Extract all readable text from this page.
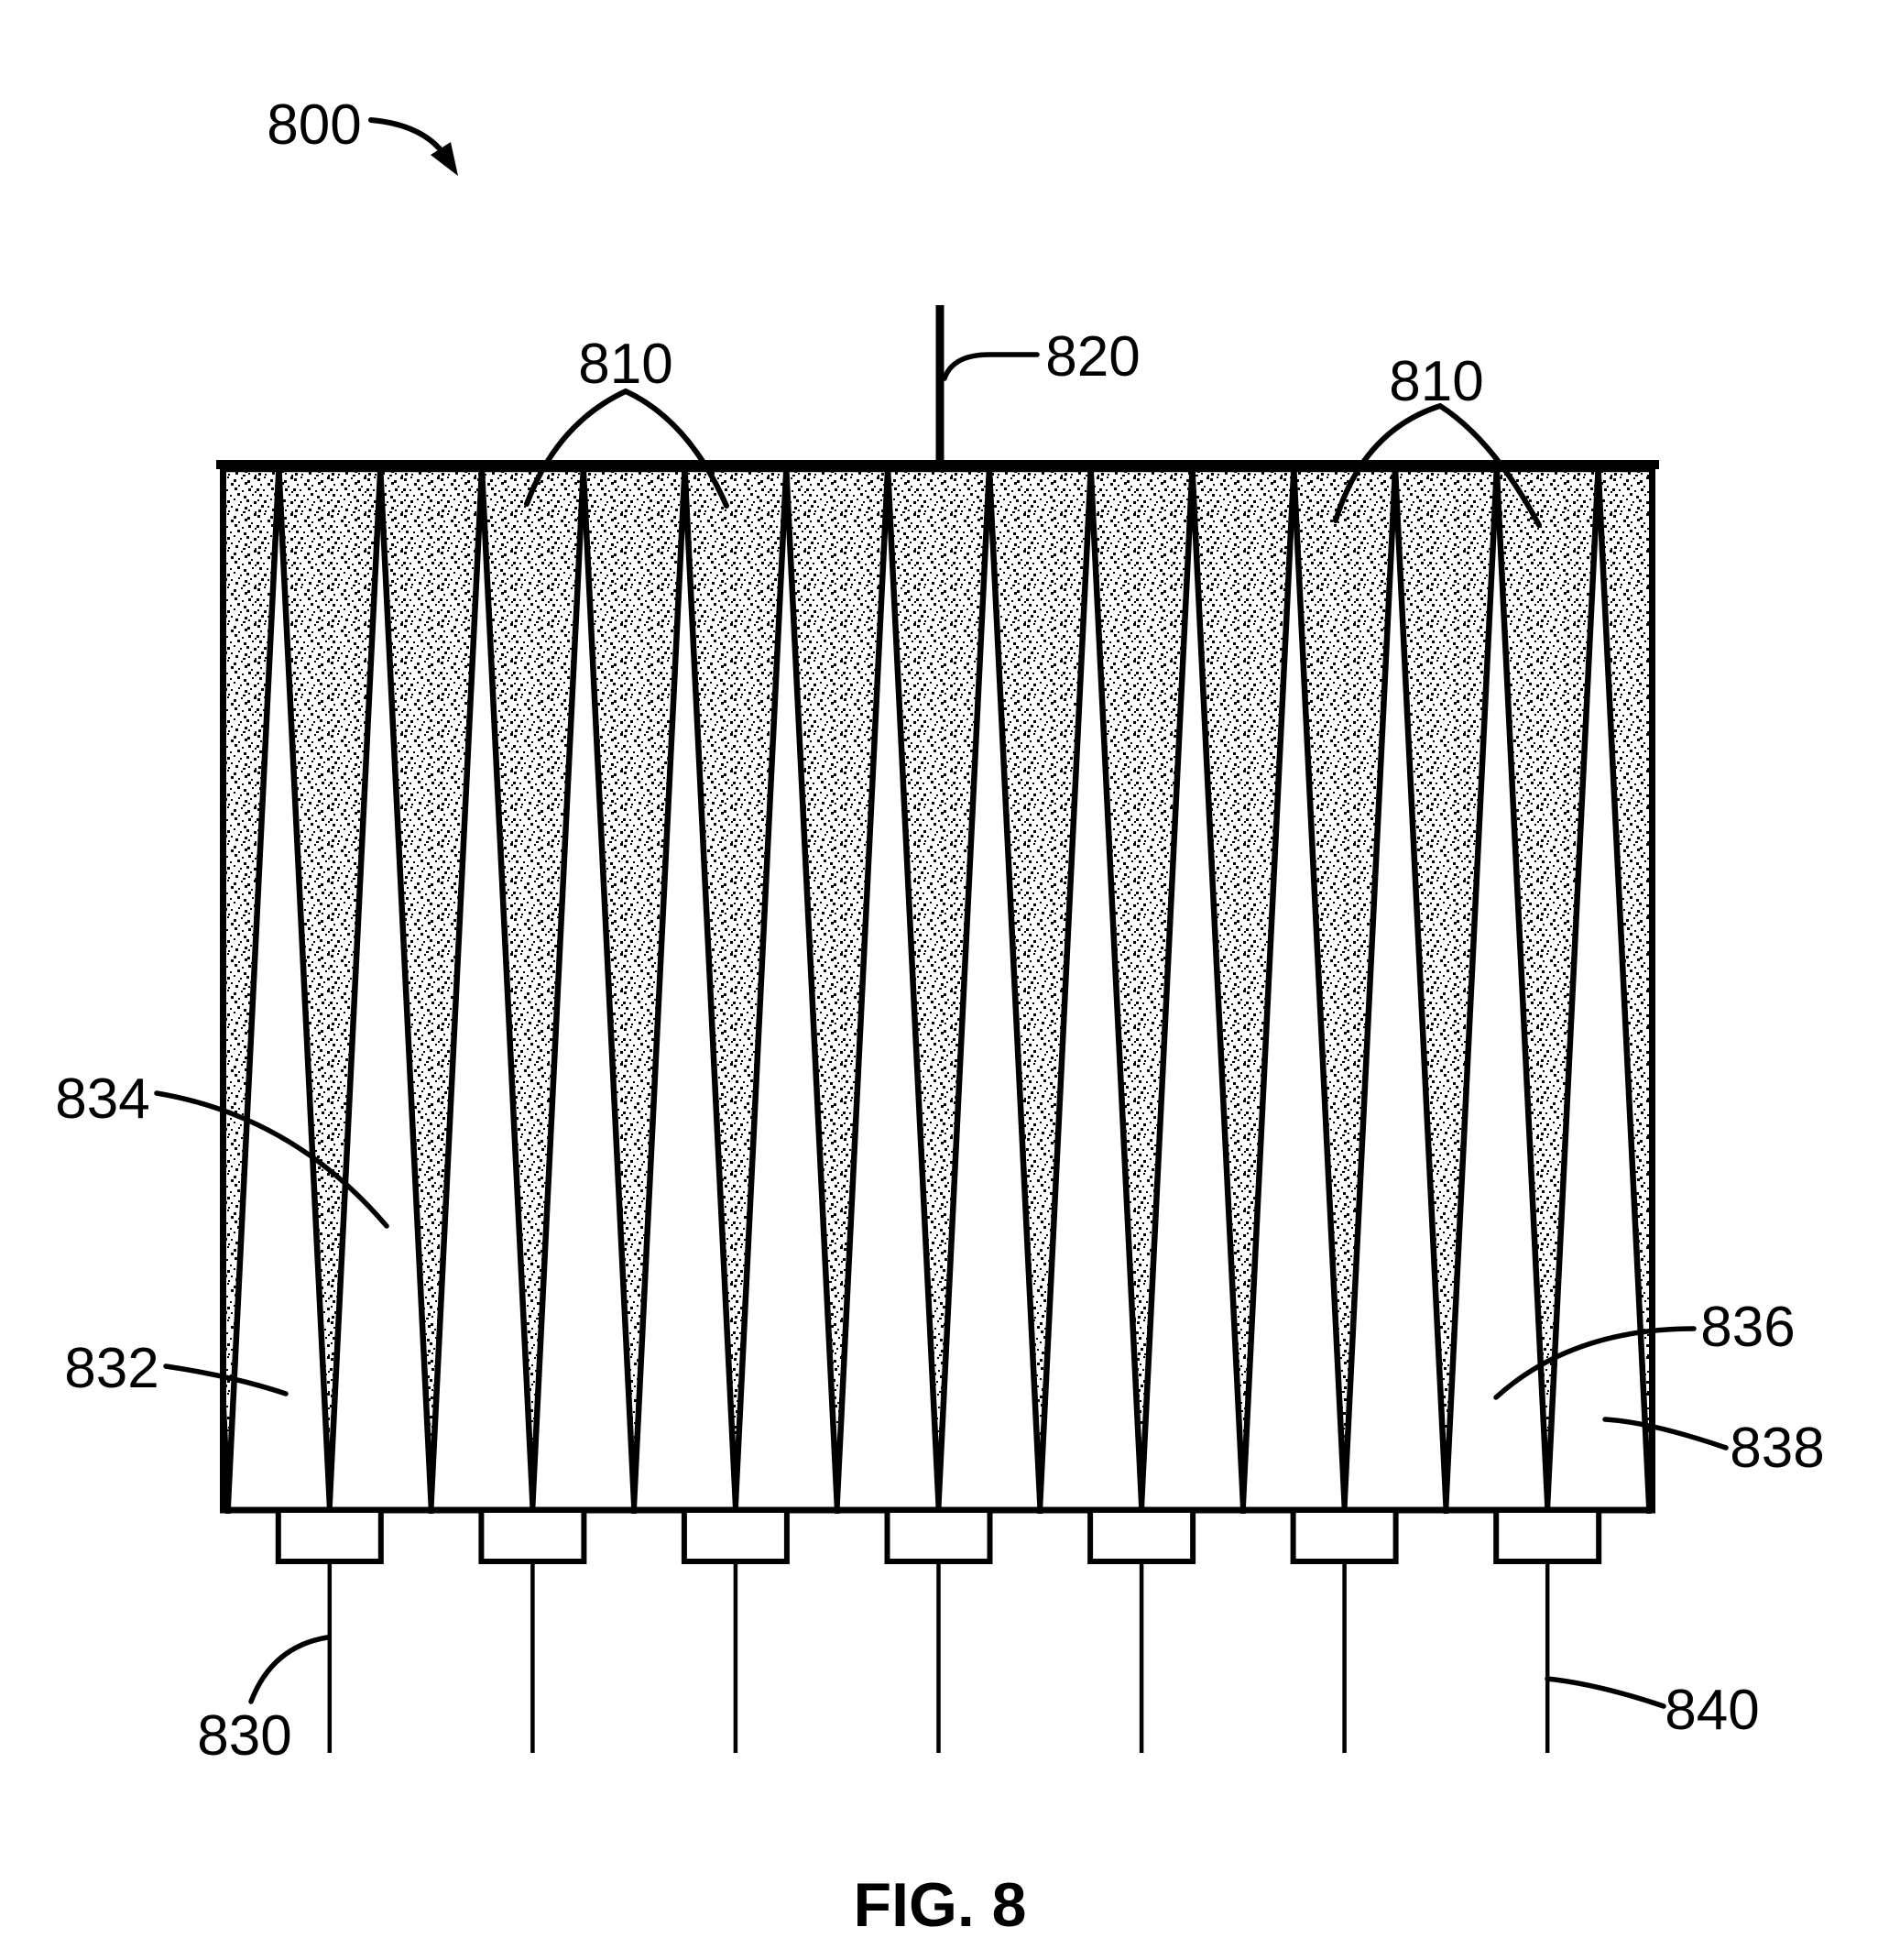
800
810	820	810
834
832
836
838
830	840
FIG. 8
